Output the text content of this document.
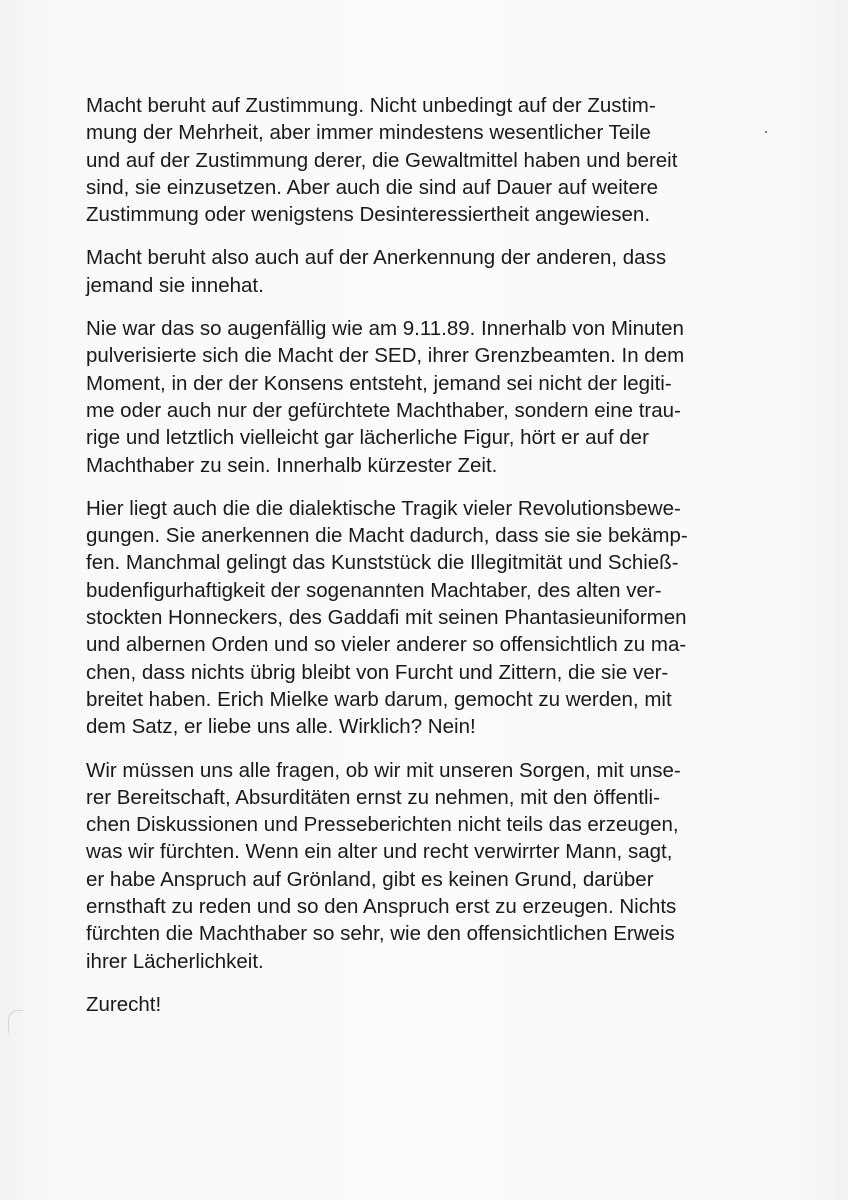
Macht beruht auf Zustimmung. Nicht unbedingt auf der Zustim-
mung der Mehrheit, aber immer mindestens wesentlicher Teile
und auf der Zustimmung derer, die Gewaltmittel haben und bereit
sind, sie einzusetzen. Aber auch die sind auf Dauer auf weitere
Zustimmung oder wenigstens Desinteressiertheit angewiesen.
Macht beruht also auch auf der Anerkennung der anderen, dass
jemand sie innehat.
Nie war das so augenfällig wie am 9.11.89. Innerhalb von Minuten
pulverisierte sich die Macht der SED, ihrer Grenzbeamten. In dem
Moment, in der der Konsens entsteht, jemand sei nicht der legiti-
me oder auch nur der gefürchtete Machthaber, sondern eine trau-
rige und letztlich vielleicht gar lächerliche Figur, hört er auf der
Machthaber zu sein. Innerhalb kürzester Zeit.
Hier liegt auch die die dialektische Tragik vieler Revolutionsbewe-
gungen. Sie anerkennen die Macht dadurch, dass sie sie bekämp-
fen. Manchmal gelingt das Kunststück die Illegitmität und Schieß-
budenfigurhaftigkeit der sogenannten Machtaber, des alten ver-
stockten Honneckers, des Gaddafi mit seinen Phantasieuniformen
und albernen Orden und so vieler anderer so offensichtlich zu ma-
chen, dass nichts übrig bleibt von Furcht und Zittern, die sie ver-
breitet haben. Erich Mielke warb darum, gemocht zu werden, mit
dem Satz, er liebe uns alle. Wirklich? Nein!
Wir müssen uns alle fragen, ob wir mit unseren Sorgen, mit unse-
rer Bereitschaft, Absurditäten ernst zu nehmen, mit den öffentli-
chen Diskussionen und Presseberichten nicht teils das erzeugen,
was wir fürchten. Wenn ein alter und recht verwirrter Mann, sagt,
er habe Anspruch auf Grönland, gibt es keinen Grund, darüber
ernsthaft zu reden und so den Anspruch erst zu erzeugen. Nichts
fürchten die Machthaber so sehr, wie den offensichtlichen Erweis
ihrer Lächerlichkeit.
Zurecht!
